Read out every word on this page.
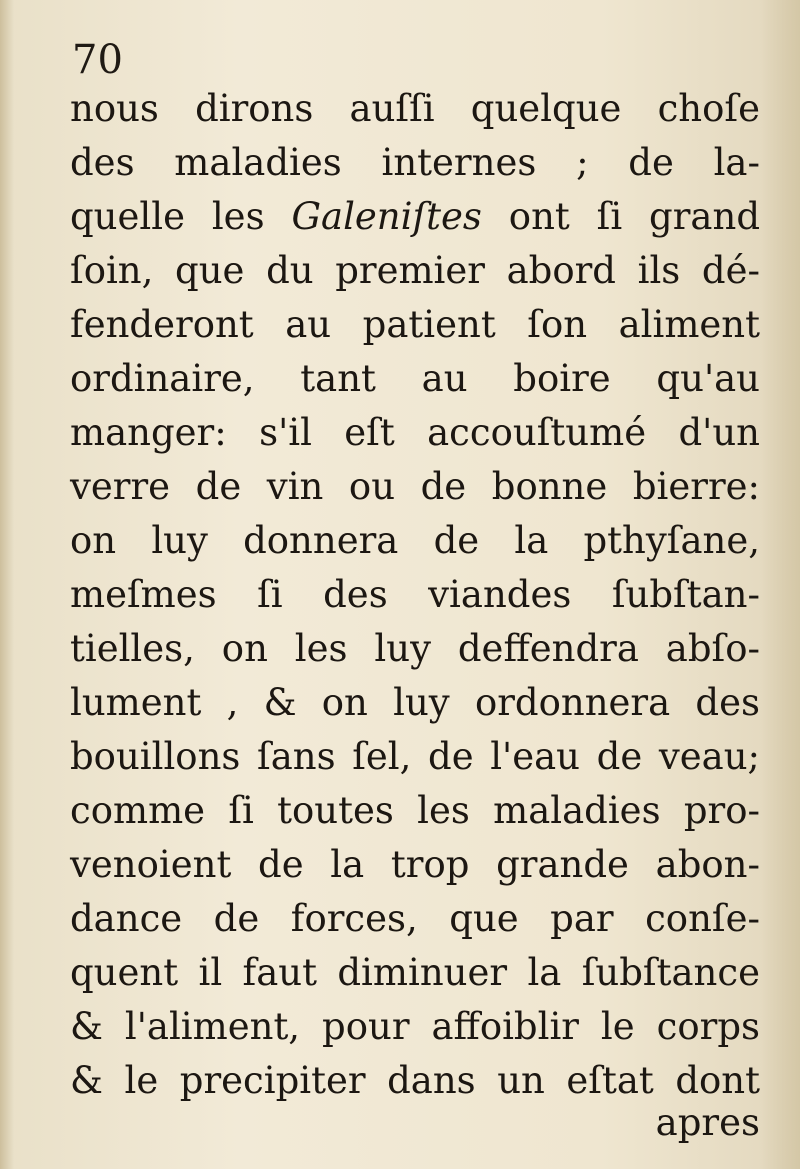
70
nous dirons auſſi quelque choſe
des maladies internes ; de la-
quelle les Galeniſtes ont ſi grand
ſoin, que du premier abord ils dé-
fenderont au patient ſon aliment
ordinaire, tant au boire qu'au
manger: s'il eſt accouſtumé d'un
verre de vin ou de bonne bierre:
on luy donnera de la pthyſane,
meſmes ſi des viandes ſubſtan-
tielles, on les luy deffendra abſo-
lument , & on luy ordonnera des
bouillons ſans ſel, de l'eau de veau;
comme ſi toutes les maladies pro-
venoient de la trop grande abon-
dance de forces, que par conſe-
quent il faut diminuer la ſubſtance
& l'aliment, pour affoiblir le corps
& le precipiter dans un eſtat dont
apres
